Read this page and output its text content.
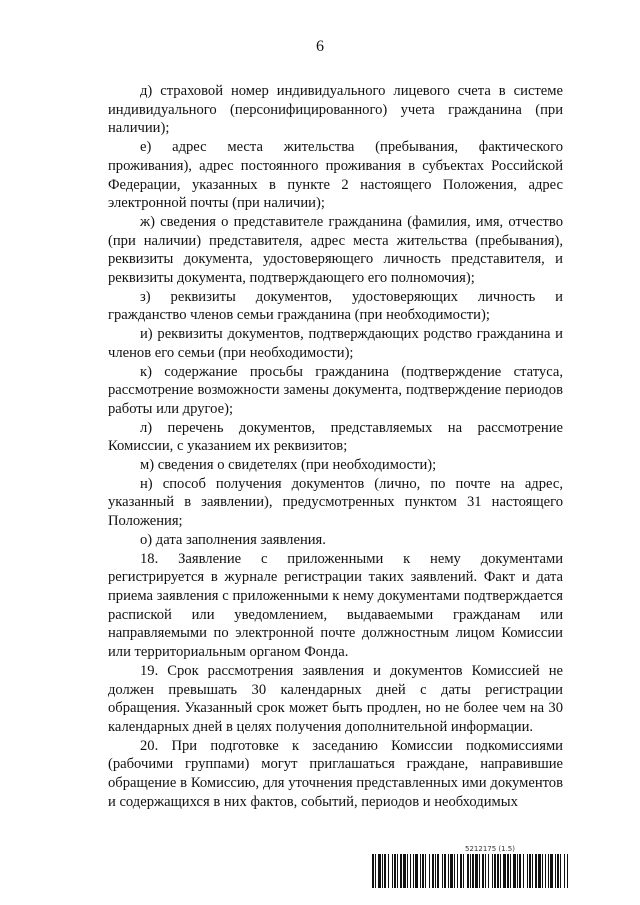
6

д) страховой номер индивидуального лицевого счета в системе индивидуального (персонифицированного) учета гражданина (при наличии);

е) адрес места жительства (пребывания, фактического проживания), адрес постоянного проживания в субъектах Российской Федерации, указанных в пункте 2 настоящего Положения, адрес электронной почты (при наличии);

ж) сведения о представителе гражданина (фамилия, имя, отчество (при наличии) представителя, адрес места жительства (пребывания), реквизиты документа, удостоверяющего личность представителя, и реквизиты документа, подтверждающего его полномочия);

з) реквизиты документов, удостоверяющих личность и гражданство членов семьи гражданина (при необходимости);

и) реквизиты документов, подтверждающих родство гражданина и членов его семьи (при необходимости);

к) содержание просьбы гражданина (подтверждение статуса, рассмотрение возможности замены документа, подтверждение периодов работы или другое);

л) перечень документов, представляемых на рассмотрение Комиссии, с указанием их реквизитов;

м) сведения о свидетелях (при необходимости);

н) способ получения документов (лично, по почте на адрес, указанный в заявлении), предусмотренных пунктом 31 настоящего Положения;

о) дата заполнения заявления.

18. Заявление с приложенными к нему документами регистрируется в журнале регистрации таких заявлений. Факт и дата приема заявления с приложенными к нему документами подтверждается распиской или уведомлением, выдаваемыми гражданам или направляемыми по электронной почте должностным лицом Комиссии или территориальным органом Фонда.

19. Срок рассмотрения заявления и документов Комиссией не должен превышать 30 календарных дней с даты регистрации обращения. Указанный срок может быть продлен, но не более чем на 30 календарных дней в целях получения дополнительной информации.

20. При подготовке к заседанию Комиссии подкомиссиями (рабочими группами) могут приглашаться граждане, направившие обращение в Комиссию, для уточнения представленных ими документов и содержащихся в них фактов, событий, периодов и необходимых

5212175 (1.5)
